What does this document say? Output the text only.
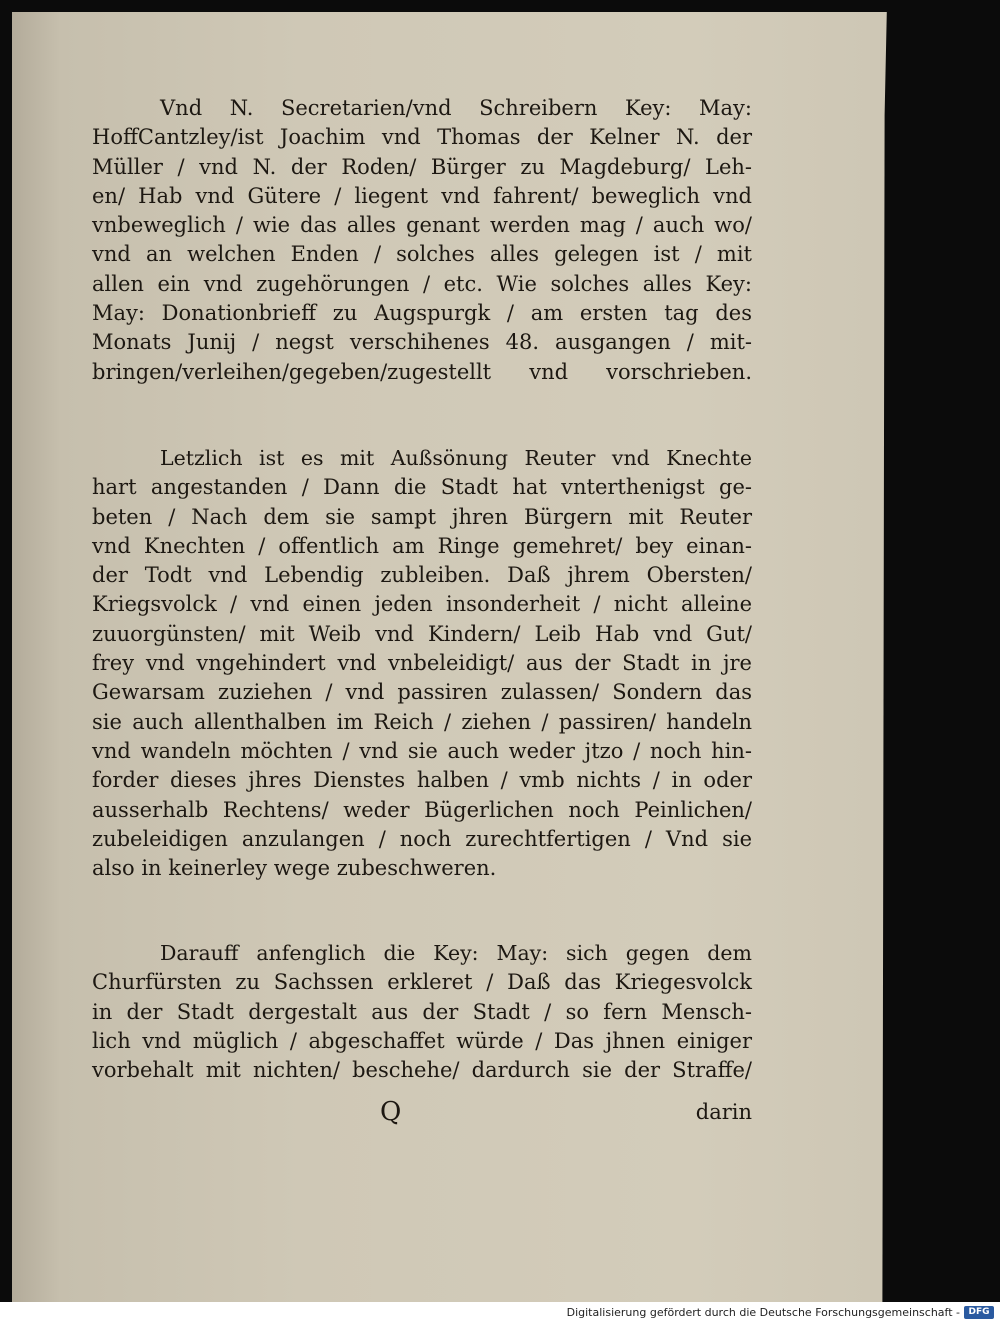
Vnd N. Secretarien/vnd Schreibern Key: May:
HoffCantzley/ist Joachim vnd Thomas der Kelner N. der
Müller / vnd N. der Roden/ Bürger zu Magdeburg/ Leh-
en/ Hab vnd Gütere / liegent vnd fahrent/ beweglich vnd
vnbeweglich / wie das alles genant werden mag / auch wo/
vnd an welchen Enden / solches alles gelegen ist / mit
allen ein vnd zugehörungen / etc. Wie solches alles Key:
May: Donationbrieff zu Augspurgk / am ersten tag des
Monats Junij / negst verschihenes 48. ausgangen / mit-
bringen/verleihen/gegeben/zugestellt vnd vorschrieben.
Letzlich ist es mit Außsönung Reuter vnd Knechte
hart angestanden / Dann die Stadt hat vnterthenigst ge-
beten / Nach dem sie sampt jhren Bürgern mit Reuter
vnd Knechten / offentlich am Ringe gemehret/ bey einan-
der Todt vnd Lebendig zubleiben. Daß jhrem Obersten/
Kriegsvolck / vnd einen jeden insonderheit / nicht alleine
zuuorgünsten/ mit Weib vnd Kindern/ Leib Hab vnd Gut/
frey vnd vngehindert vnd vnbeleidigt/ aus der Stadt in jre
Gewarsam zuziehen / vnd passiren zulassen/ Sondern das
sie auch allenthalben im Reich / ziehen / passiren/ handeln
vnd wandeln möchten / vnd sie auch weder jtzo / noch hin-
forder dieses jhres Dienstes halben / vmb nichts / in oder
ausserhalb Rechtens/ weder Bügerlichen noch Peinlichen/
zubeleidigen anzulangen / noch zurechtfertigen / Vnd sie
also in keinerley wege zubeschweren.
Darauff anfenglich die Key: May: sich gegen dem
Churfürsten zu Sachssen erkleret / Daß das Kriegesvolck
in der Stadt dergestalt aus der Stadt / so fern Mensch-
lich vnd müglich / abgeschaffet würde / Das jhnen einiger
vorbehalt mit nichten/ beschehe/ dardurch sie der Straffe/
Q	darin
Digitalisierung gefördert durch die Deutsche Forschungsgemeinschaft - DFG
